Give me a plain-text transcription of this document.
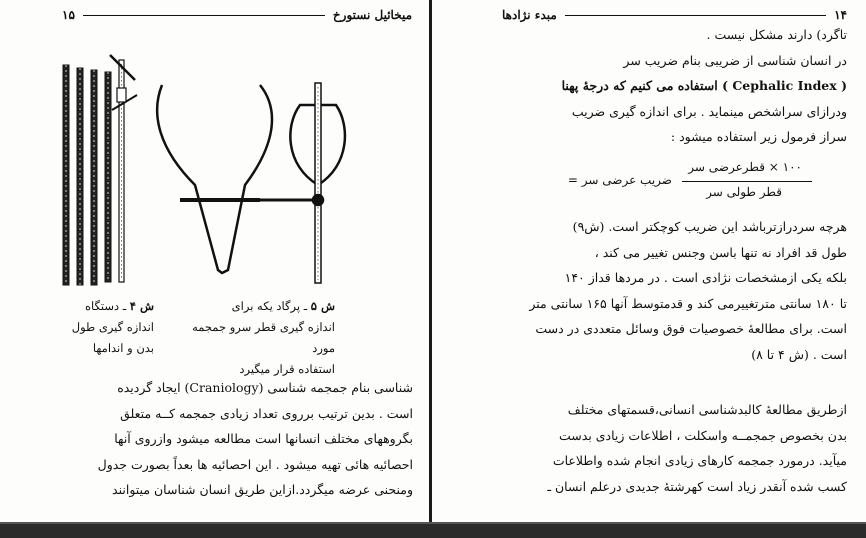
میخائیل نستورخ
۱۵
ش ۵ ـ پرگاد یکه برای
اندازه گیری قطر سرو جمجمه مورد
استفاده قرار میگیرد
ش ۴ ـ دستگاه
اندازه گیری طول
بدن و اندامها

شناسی بنام جمجمه شناسی (Craniology) ایجاد گردیده

است . بدین ترتیب برروی تعداد زیادی جمجمه کــه متعلق

بگروههای مختلف انسانها است مطالعه میشود وازروی آنها

احصائیه هائی تهیه میشود . این احصائیه ها بعداً بصورت جدول

ومنحنی عرضه میگردد.ازاین طریق انسان شناسان میتوانند

۱۴
مبدء نژادها

تاگرد) دارند مشکل نیست .

در انسان شناسی از ضریبی بنام ضریب سر

( Cephalic Index ) استفاده می کنیم که درجهٔ پهنا

ودرازای سراشخص مینماید . برای اندازه گیری ضریب

سراز فرمول زیر استفاده میشود :

۱۰۰ × قطرعرضی سر
قطر طولی سر
ضریب عرضی سر =

هرچه سردرازترباشد این ضریب کوچکتر است. (ش۹)

طول قد افراد نه تنها باسن وجنس تغییر می کند ،

بلکه یکی ازمشخصات نژادی است . در مردها قداز ۱۴۰

تا ۱۸۰ سانتی مترتغییرمی کند و قدمتوسط آنها ۱۶۵ سانتی متر

است. برای مطالعهٔ خصوصیات فوق وسائل متعددی در دست

است . (ش ۴ تا ۸)

ازطریق مطالعهٔ کالبدشناسی انسانی،قسمتهای مختلف

بدن بخصوص جمجمــه واسکلت ، اطلاعات زیادی بدست

میآید. درمورد جمجمه کارهای زیادی انجام شده واطلاعات

کسب شده آنقدر زیاد است کهرشتهٔ جدیدی درعلم انسان ـ
